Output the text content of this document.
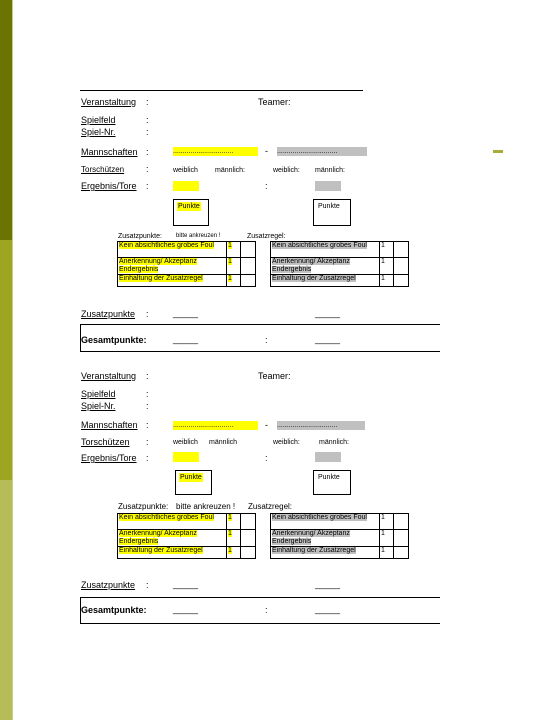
Veranstaltung :	Teamer:
Spielfeld	:
Spiel-Nr.	:
Mannschaften :	...............................	- ...............................
Torschützen :	weiblich männlich:	weiblich: männlich:
Ergebnis/Tore :	:
Punkte	Punkte
Zusatzpunkte: bitte ankreuzen !	Zusatzregel:
Kein absichtliches grobes Foul	1	
Anerkennung/ Akzeptanz Endergebnis	1	
Einhaltung der Zusatzregel	1	
Kein absichtliches grobes Foul	1	
Anerkennung/ Akzeptanz Endergebnis	1	
Einhaltung der Zusatzregel	1	
Zusatzpunkte :	_____	_____
Gesamtpunkte:	_____	:	_____
Veranstaltung :	Teamer:
Spielfeld	:
Spiel-Nr.	:
Mannschaften :	...............................	- ...............................
Torschützen :	weiblich männlich	weiblich:	männlich:
Ergebnis/Tore :	:
Punkte	Punkte
Zusatzpunkte: bitte ankreuzen ! Zusatzregel:
Kein absichtliches grobes Foul	1	
Anerkennung/ Akzeptanz Endergebnis	1	
Einhaltung der Zusatzregel	1	
Kein absichtliches grobes Foul	1	
Anerkennung/ Akzeptanz Endergebnis	1	
Einhaltung der Zusatzregel	1	
Zusatzpunkte :	_____	_____
Gesamtpunkte:	_____	:	_____
